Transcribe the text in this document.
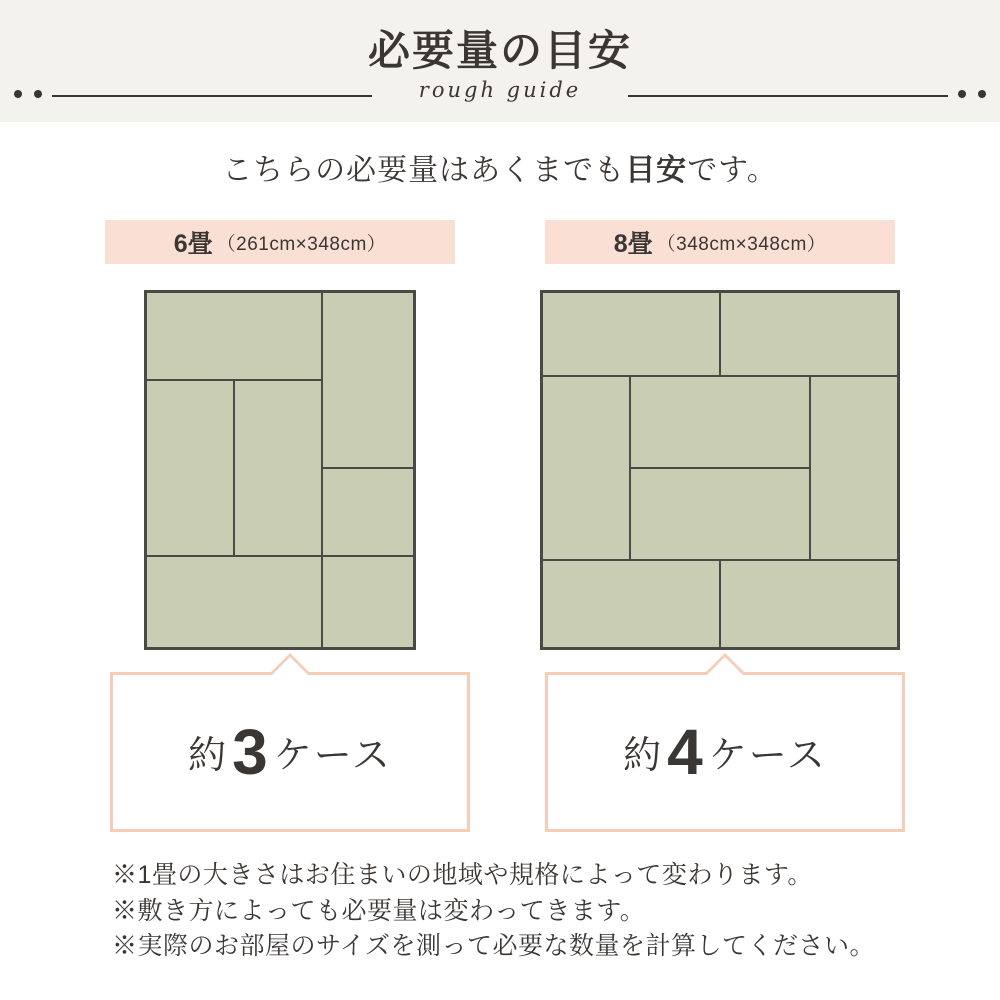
必要量の目安
rough guide
こちらの必要量はあくまでも目安です。
6畳 （261cm×348cm）	8畳 （348cm×348cm）
約3 ケース	約4 ケース
※1畳の大きさはお住まいの地域や規格によって変わります。
※敷き方によっても必要量は変わってきます。
※実際のお部屋のサイズを測って必要な数量を計算してください。
